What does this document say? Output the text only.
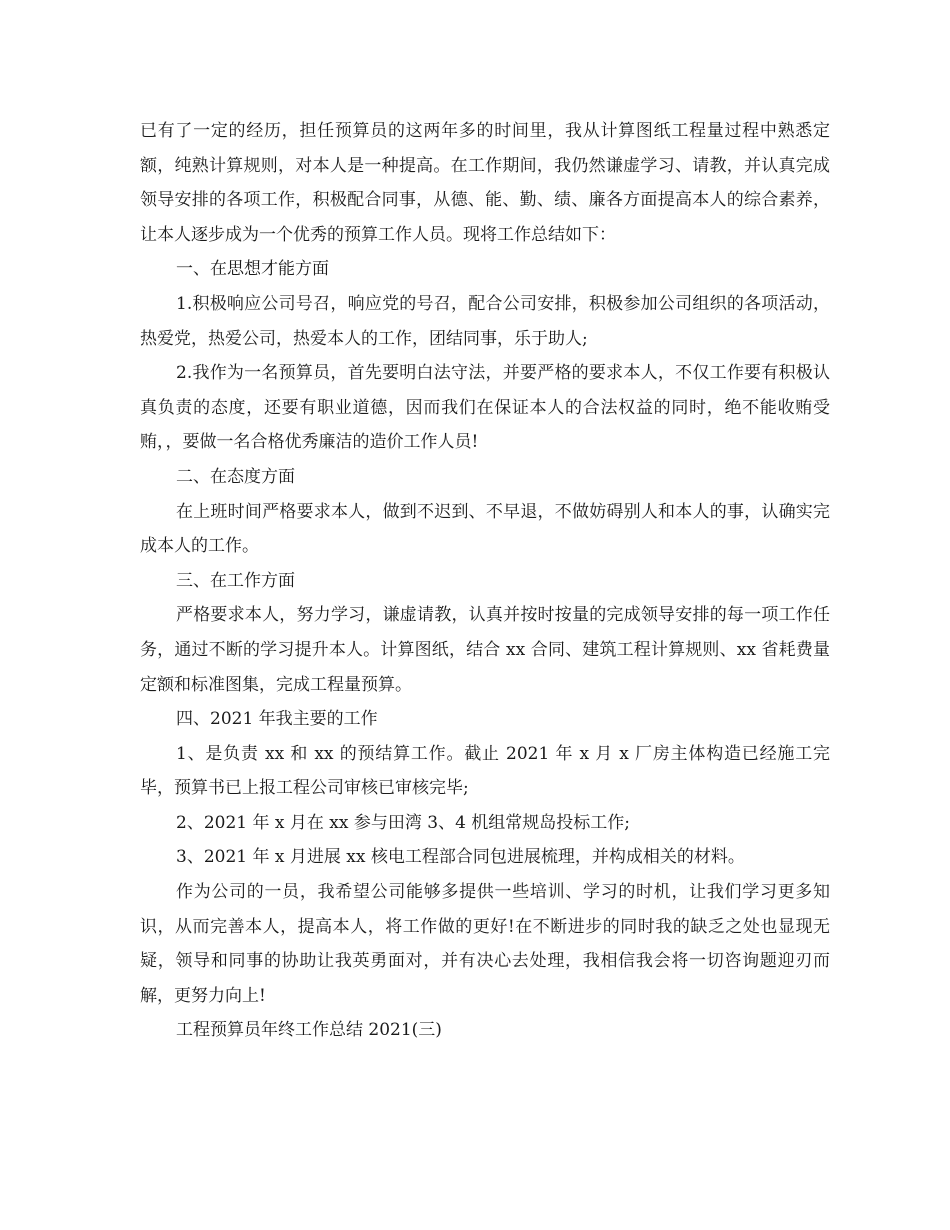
已有了一定的经历，担任预算员的这两年多的时间里，我从计算图纸工程量过程中熟悉定额，纯熟计算规则，对本人是一种提高。在工作期间，我仍然谦虚学习、请教，并认真完成领导安排的各项工作，积极配合同事，从德、能、勤、绩、廉各方面提高本人的综合素养，让本人逐步成为一个优秀的预算工作人员。现将工作总结如下：

一、在思想才能方面

1.积极响应公司号召，响应党的号召，配合公司安排，积极参加公司组织的各项活动，热爱党，热爱公司，热爱本人的工作，团结同事，乐于助人;

2.我作为一名预算员，首先要明白法守法，并要严格的要求本人，不仅工作要有积极认真负责的态度，还要有职业道德，因而我们在保证本人的合法权益的同时，绝不能收贿受贿，，要做一名合格优秀廉洁的造价工作人员!

二、在态度方面

在上班时间严格要求本人，做到不迟到、不早退，不做妨碍别人和本人的事，认确实完成本人的工作。

三、在工作方面

严格要求本人，努力学习，谦虚请教，认真并按时按量的完成领导安排的每一项工作任务，通过不断的学习提升本人。计算图纸，结合 xx 合同、建筑工程计算规则、xx 省耗费量定额和标准图集，完成工程量预算。

四、2021 年我主要的工作

1、是负责 xx 和 xx 的预结算工作。截止 2021 年 x 月 x 厂房主体构造已经施工完毕，预算书已上报工程公司审核已审核完毕;

2、2021 年 x 月在 xx 参与田湾 3、4 机组常规岛投标工作;

3、2021 年 x 月进展 xx 核电工程部合同包进展梳理，并构成相关的材料。

作为公司的一员，我希望公司能够多提供一些培训、学习的时机，让我们学习更多知识，从而完善本人，提高本人，将工作做的更好!在不断进步的同时我的缺乏之处也显现无疑，领导和同事的协助让我英勇面对，并有决心去处理，我相信我会将一切咨询题迎刃而解，更努力向上!

工程预算员年终工作总结 2021(三)
